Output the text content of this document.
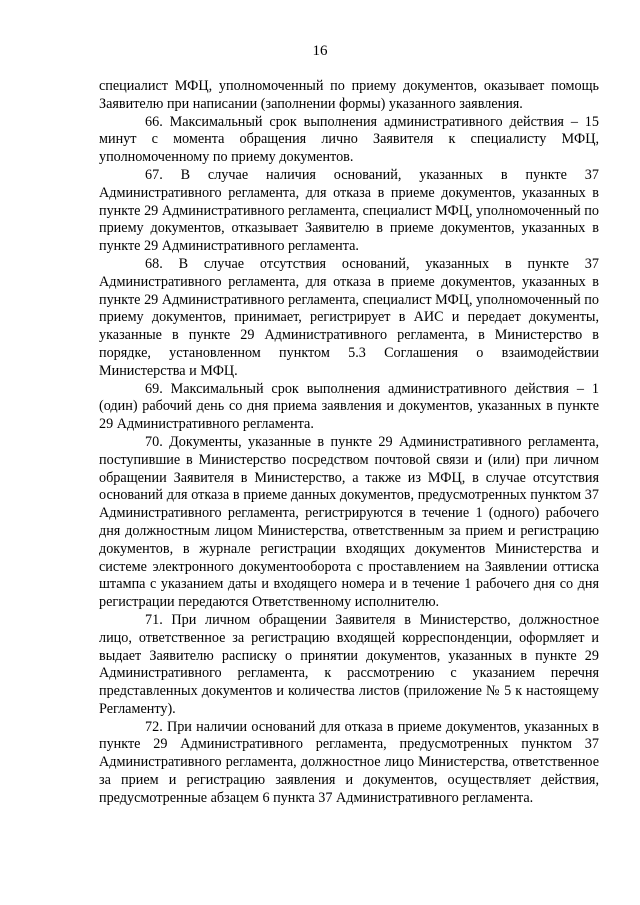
16

специалист МФЦ, уполномоченный по приему документов, оказывает помощь Заявителю при написании (заполнении формы) указанного заявления.

66. Максимальный срок выполнения административного действия – 15 минут с момента обращения лично Заявителя к специалисту МФЦ, уполномоченному по приему документов.

67. В случае наличия оснований, указанных в пункте 37 Административного регламента, для отказа в приеме документов, указанных в пункте 29 Административного регламента, специалист МФЦ, уполномоченный по приему документов, отказывает Заявителю в приеме документов, указанных в пункте 29 Административного регламента.

68. В случае отсутствия оснований, указанных в пункте 37 Административного регламента, для отказа в приеме документов, указанных в пункте 29 Административного регламента, специалист МФЦ, уполномоченный по приему документов, принимает, регистрирует в АИС и передает документы, указанные в пункте 29 Административного регламента, в Министерство в порядке, установленном пунктом 5.3 Соглашения о взаимодействии Министерства и МФЦ.

69. Максимальный срок выполнения административного действия – 1 (один) рабочий день со дня приема заявления и документов, указанных в пункте 29 Административного регламента.

70. Документы, указанные в пункте 29 Административного регламента, поступившие в Министерство посредством почтовой связи и (или) при личном обращении Заявителя в Министерство, а также из МФЦ, в случае отсутствия оснований для отказа в приеме данных документов, предусмотренных пунктом 37 Административного регламента, регистрируются в течение 1 (одного) рабочего дня должностным лицом Министерства, ответственным за прием и регистрацию документов, в журнале регистрации входящих документов Министерства и системе электронного документооборота с проставлением на Заявлении оттиска штампа с указанием даты и входящего номера и в течение 1 рабочего дня со дня регистрации передаются Ответственному исполнителю.

71. При личном обращении Заявителя в Министерство, должностное лицо, ответственное за регистрацию входящей корреспонденции, оформляет и выдает Заявителю расписку о принятии документов, указанных в пункте 29 Административного регламента, к рассмотрению с указанием перечня представленных документов и количества листов (приложение № 5 к настоящему Регламенту).

72. При наличии оснований для отказа в приеме документов, указанных в пункте 29 Административного регламента, предусмотренных пунктом 37 Административного регламента, должностное лицо Министерства, ответственное за прием и регистрацию заявления и документов, осуществляет действия, предусмотренные абзацем 6 пункта 37 Административного регламента.
